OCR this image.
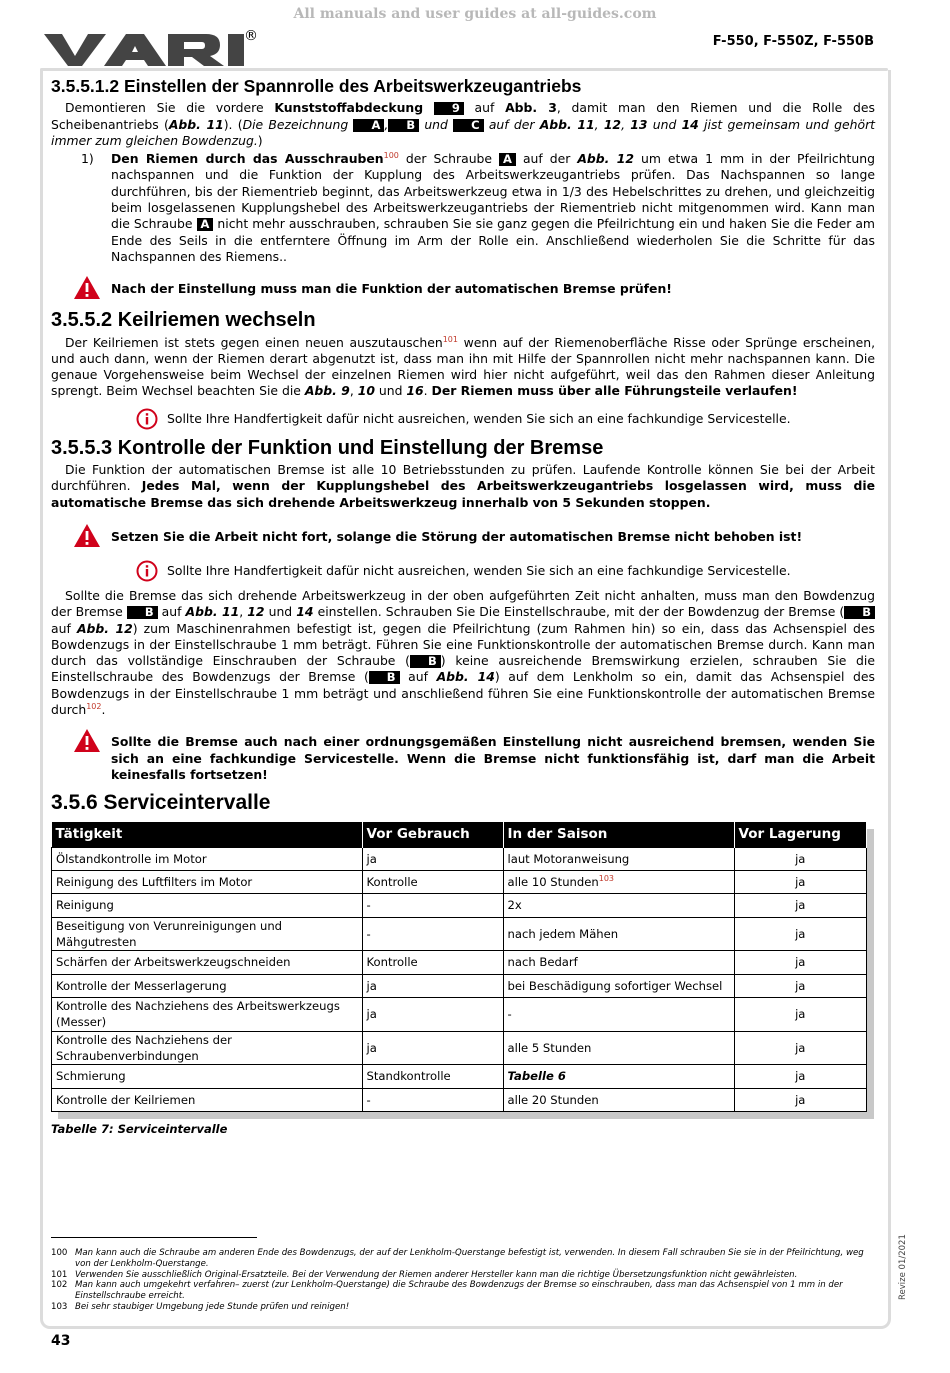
All manuals and user guides at all-guides.com
®	F-550, F-550Z, F-550B
3.5.5.1.2 Einstellen der Spannrolle des Arbeitswerkzeugantriebs

Demontieren Sie die vordere Kunststoffabdeckung 9 auf Abb. 3, damit man den Riemen und die Rolle des Scheibenantriebs (Abb. 11). (Die Bezeichnung A , B und C auf der Abb. 11, 12, 13 und 14 jist gemeinsam und gehört immer zum gleichen Bowdenzug.)

1)	Den Riemen durch das Ausschrauben$^{100}$ der Schraube A auf der Abb. 12 um etwa 1 mm in der Pfeilrichtung nachspannen und die Funktion der Kupplung des Arbeitswerkzeugantriebs prüfen. Das Nachspannen so lange durchführen, bis der Riementrieb beginnt, das Arbeitswerkzeug etwa in 1/3 des Hebelschrittes zu drehen, und gleichzeitig beim losgelassenen Kupplungshebel des Arbeitswerkzeugantriebs der Riementrieb nicht mitgenommen wird. Kann man die Schraube A nicht mehr ausschrauben, schrauben Sie sie ganz gegen die Pfeilrichtung ein und haken Sie die Feder am Ende des Seils in die entferntere Öffnung im Arm der Rolle ein. Anschließend wiederholen Sie die Schritte für das Nachspannen des Riemens..

Nach der Einstellung muss man die Funktion der automatischen Bremse prüfen!

3.5.5.2 Keilriemen wechseln

Der Keilriemen ist stets gegen einen neuen auszutauschen$^{101}$ wenn auf der Riemenoberfläche Risse oder Sprünge erscheinen, und auch dann, wenn der Riemen derart abgenutzt ist, dass man ihn mit Hilfe der Spannrollen nicht mehr nachspannen kann. Die genaue Vorgehensweise beim Wechsel der einzelnen Riemen wird hier nicht aufgeführt, weil das den Rahmen dieser Anleitung sprengt. Beim Wechsel beachten Sie die Abb. 9, 10 und 16. Der Riemen muss über alle Führungsteile verlaufen!

Sollte Ihre Handfertigkeit dafür nicht ausreichen, wenden Sie sich an eine fachkundige Servicestelle.
3.5.5.3 Kontrolle der Funktion und Einstellung der Bremse

Die Funktion der automatischen Bremse ist alle 10 Betriebsstunden zu prüfen. Laufende Kontrolle können Sie bei der Arbeit durchführen. Jedes Mal, wenn der Kupplungshebel des Arbeitswerkzeugantriebs losgelassen wird, muss die automatische Bremse das sich drehende Arbeitswerkzeug innerhalb von 5 Sekunden stoppen.

Setzen Sie die Arbeit nicht fort, solange die Störung der automatischen Bremse nicht behoben ist!

Sollte Ihre Handfertigkeit dafür nicht ausreichen, wenden Sie sich an eine fachkundige Servicestelle.

Sollte die Bremse das sich drehende Arbeitswerkzeug in der oben aufgeführten Zeit nicht anhalten, muss man den Bowdenzug der Bremse B auf Abb. 11, 12 und 14 einstellen. Schrauben Sie Die Einstellschraube, mit der der Bowdenzug der Bremse ( B auf Abb. 12) zum Maschinenrahmen befestigt ist, gegen die Pfeilrichtung (zum Rahmen hin) so ein, dass das Achsenspiel des Bowdenzugs in der Einstellschraube 1 mm beträgt. Führen Sie eine Funktionskontrolle der automatischen Bremse durch. Kann man durch das vollständige Einschrauben der Schraube ( B ) keine ausreichende Bremswirkung erzielen, schrauben Sie die Einstellschraube des Bowdenzugs der Bremse ( B auf Abb. 14) auf dem Lenkholm so ein, damit das Achsenspiel des Bowdenzugs in der Einstellschraube 1 mm beträgt und anschließend führen Sie eine Funktionskontrolle der automatischen Bremse durch$^{102}$.

Sollte die Bremse auch nach einer ordnungsgemäßen Einstellung nicht ausreichend bremsen, wenden Sie sich an eine fachkundige Servicestelle. Wenn die Bremse nicht funktionsfähig ist, darf man die Arbeit keinesfalls fortsetzen!

3.5.6 Serviceintervalle
Tätigkeit	Vor Gebrauch	In der Saison	Vor Lagerung
Ölstandkontrolle im Motor	ja	laut Motoranweisung	ja
Reinigung des Luftfilters im Motor	Kontrolle	alle 10 Stunden$^{103}$	ja
Reinigung	-	2x	ja
Beseitigung von Verunreinigungen und Mähgutresten	-	nach jedem Mähen	ja
Schärfen der Arbeitswerkzeugschneiden	Kontrolle	nach Bedarf	ja
Kontrolle der Messerlagerung	ja	bei Beschädigung sofortiger Wechsel	ja
Kontrolle des Nachziehens des Arbeitswerkzeugs (Messer)	ja	-	ja
Kontrolle des Nachziehens der Schraubenverbindungen	ja	alle 5 Stunden	ja
Schmierung	Standkontrolle	Tabelle 6	ja
Kontrolle der Keilriemen	-	alle 20 Stunden	ja
Tabelle 7: Serviceintervalle
100 Man kann auch die Schraube am anderen Ende des Bowdenzugs, der auf der Lenkholm-Querstange befestigt ist, verwenden. In diesem Fall schrauben Sie sie in der Pfeilrichtung, weg von der Lenkholm-Querstange.
101 Verwenden Sie ausschließlich Original-Ersatzteile. Bei der Verwendung der Riemen anderer Hersteller kann man die richtige Übersetzungsfunktion nicht gewährleisten.
102 Man kann auch umgekehrt verfahren– zuerst (zur Lenkholm-Querstange) die Schraube des Bowdenzugs der Bremse so einschrauben, dass man das Achsenspiel von 1 mm in der Einstellschraube erreicht.
103 Bei sehr staubiger Umgebung jede Stunde prüfen und reinigen!
43
Revize 01/2021
